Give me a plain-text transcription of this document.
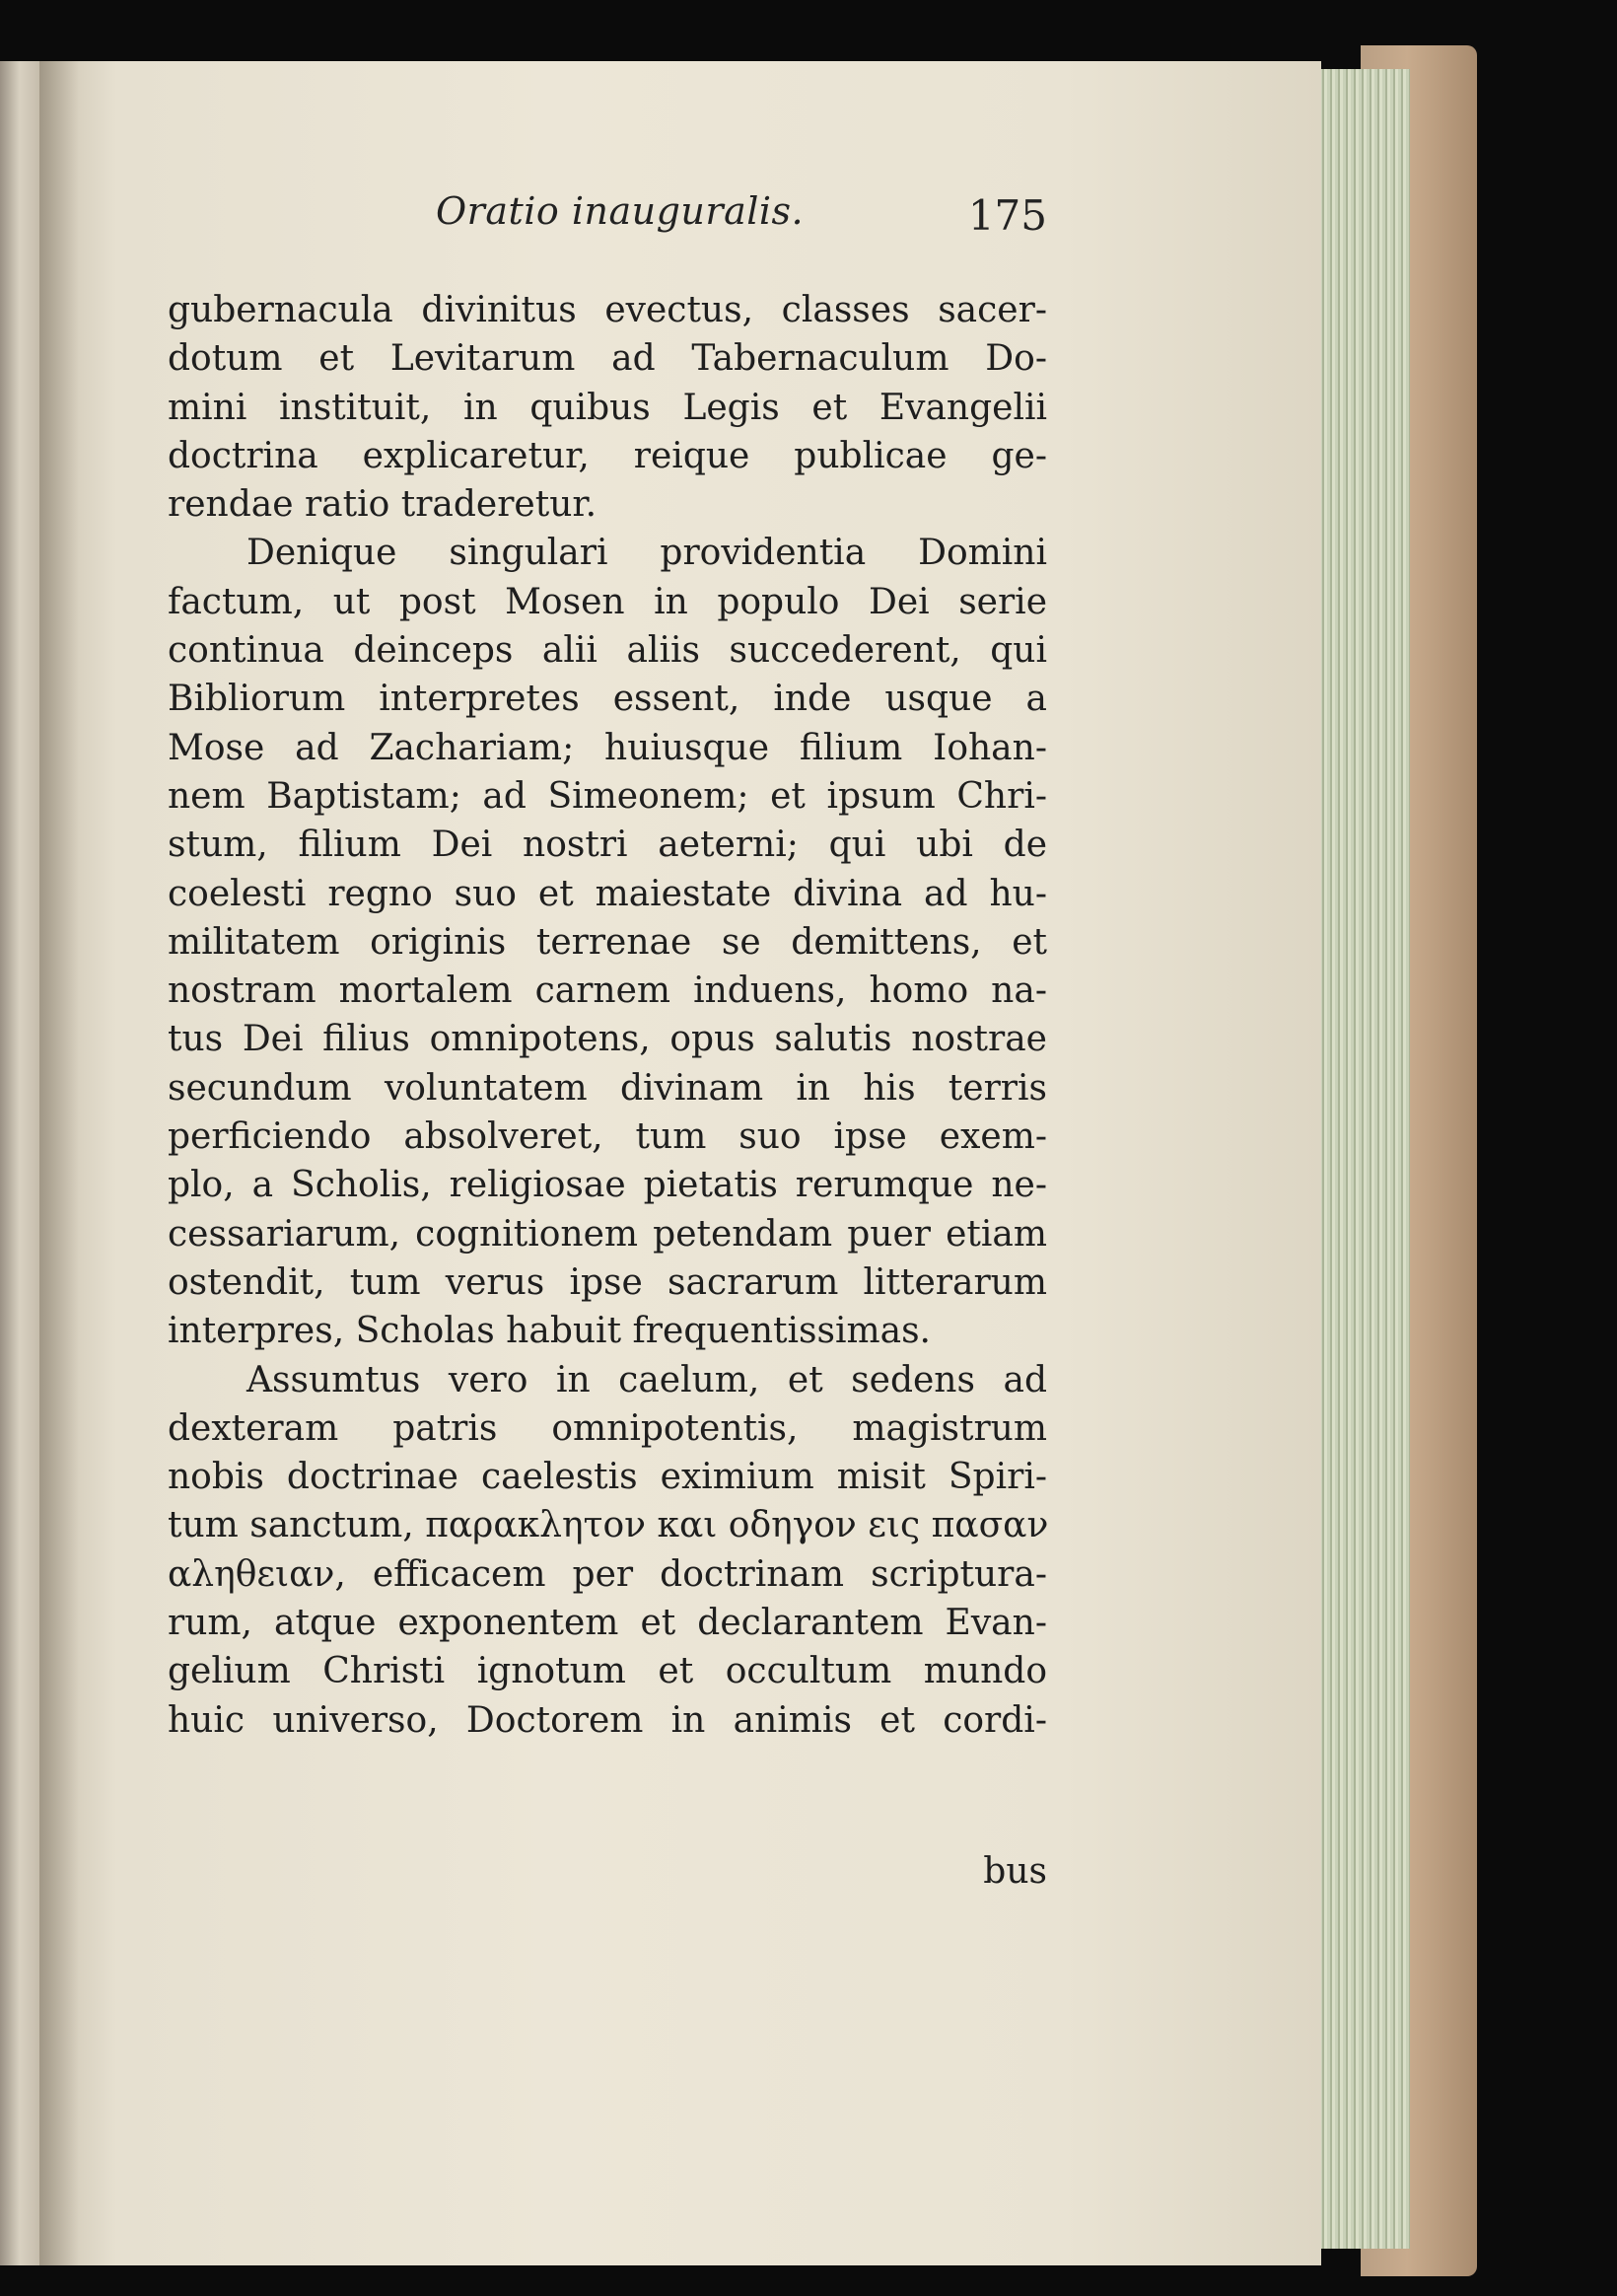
Oratio inauguralis.	175
gubernacula divinitus evectus, classes sacer-
dotum et Levitarum ad Tabernaculum Do-
mini instituit, in quibus Legis et Evangelii
doctrina explicaretur, reique publicae ge-
rendae ratio traderetur.
Denique singulari providentia Domini
factum, ut post Mosen in populo Dei serie
continua deinceps alii aliis succederent, qui
Bibliorum interpretes essent, inde usque a
Mose ad Zachariam; huiusque filium Iohan-
nem Baptistam; ad Simeonem; et ipsum Chri-
stum, filium Dei nostri aeterni; qui ubi de
coelesti regno suo et maiestate divina ad hu-
militatem originis terrenae se demittens, et
nostram mortalem carnem induens, homo na-
tus Dei filius omnipotens, opus salutis nostrae
secundum voluntatem divinam in his terris
perficiendo absolveret, tum suo ipse exem-
plo, a Scholis, religiosae pietatis rerumque ne-
cessariarum, cognitionem petendam puer etiam
ostendit, tum verus ipse sacrarum litterarum
interpres, Scholas habuit frequentissimas.
Assumtus vero in caelum, et sedens ad
dexteram patris omnipotentis, magistrum
nobis doctrinae caelestis eximium misit Spiri-
tum sanctum, παρακλητον και οδηγον εις πασαν
αληθειαν, efficacem per doctrinam scriptura-
rum, atque exponentem et declarantem Evan-
gelium Christi ignotum et occultum mundo
huic universo, Doctorem in animis et cordi-
bus
